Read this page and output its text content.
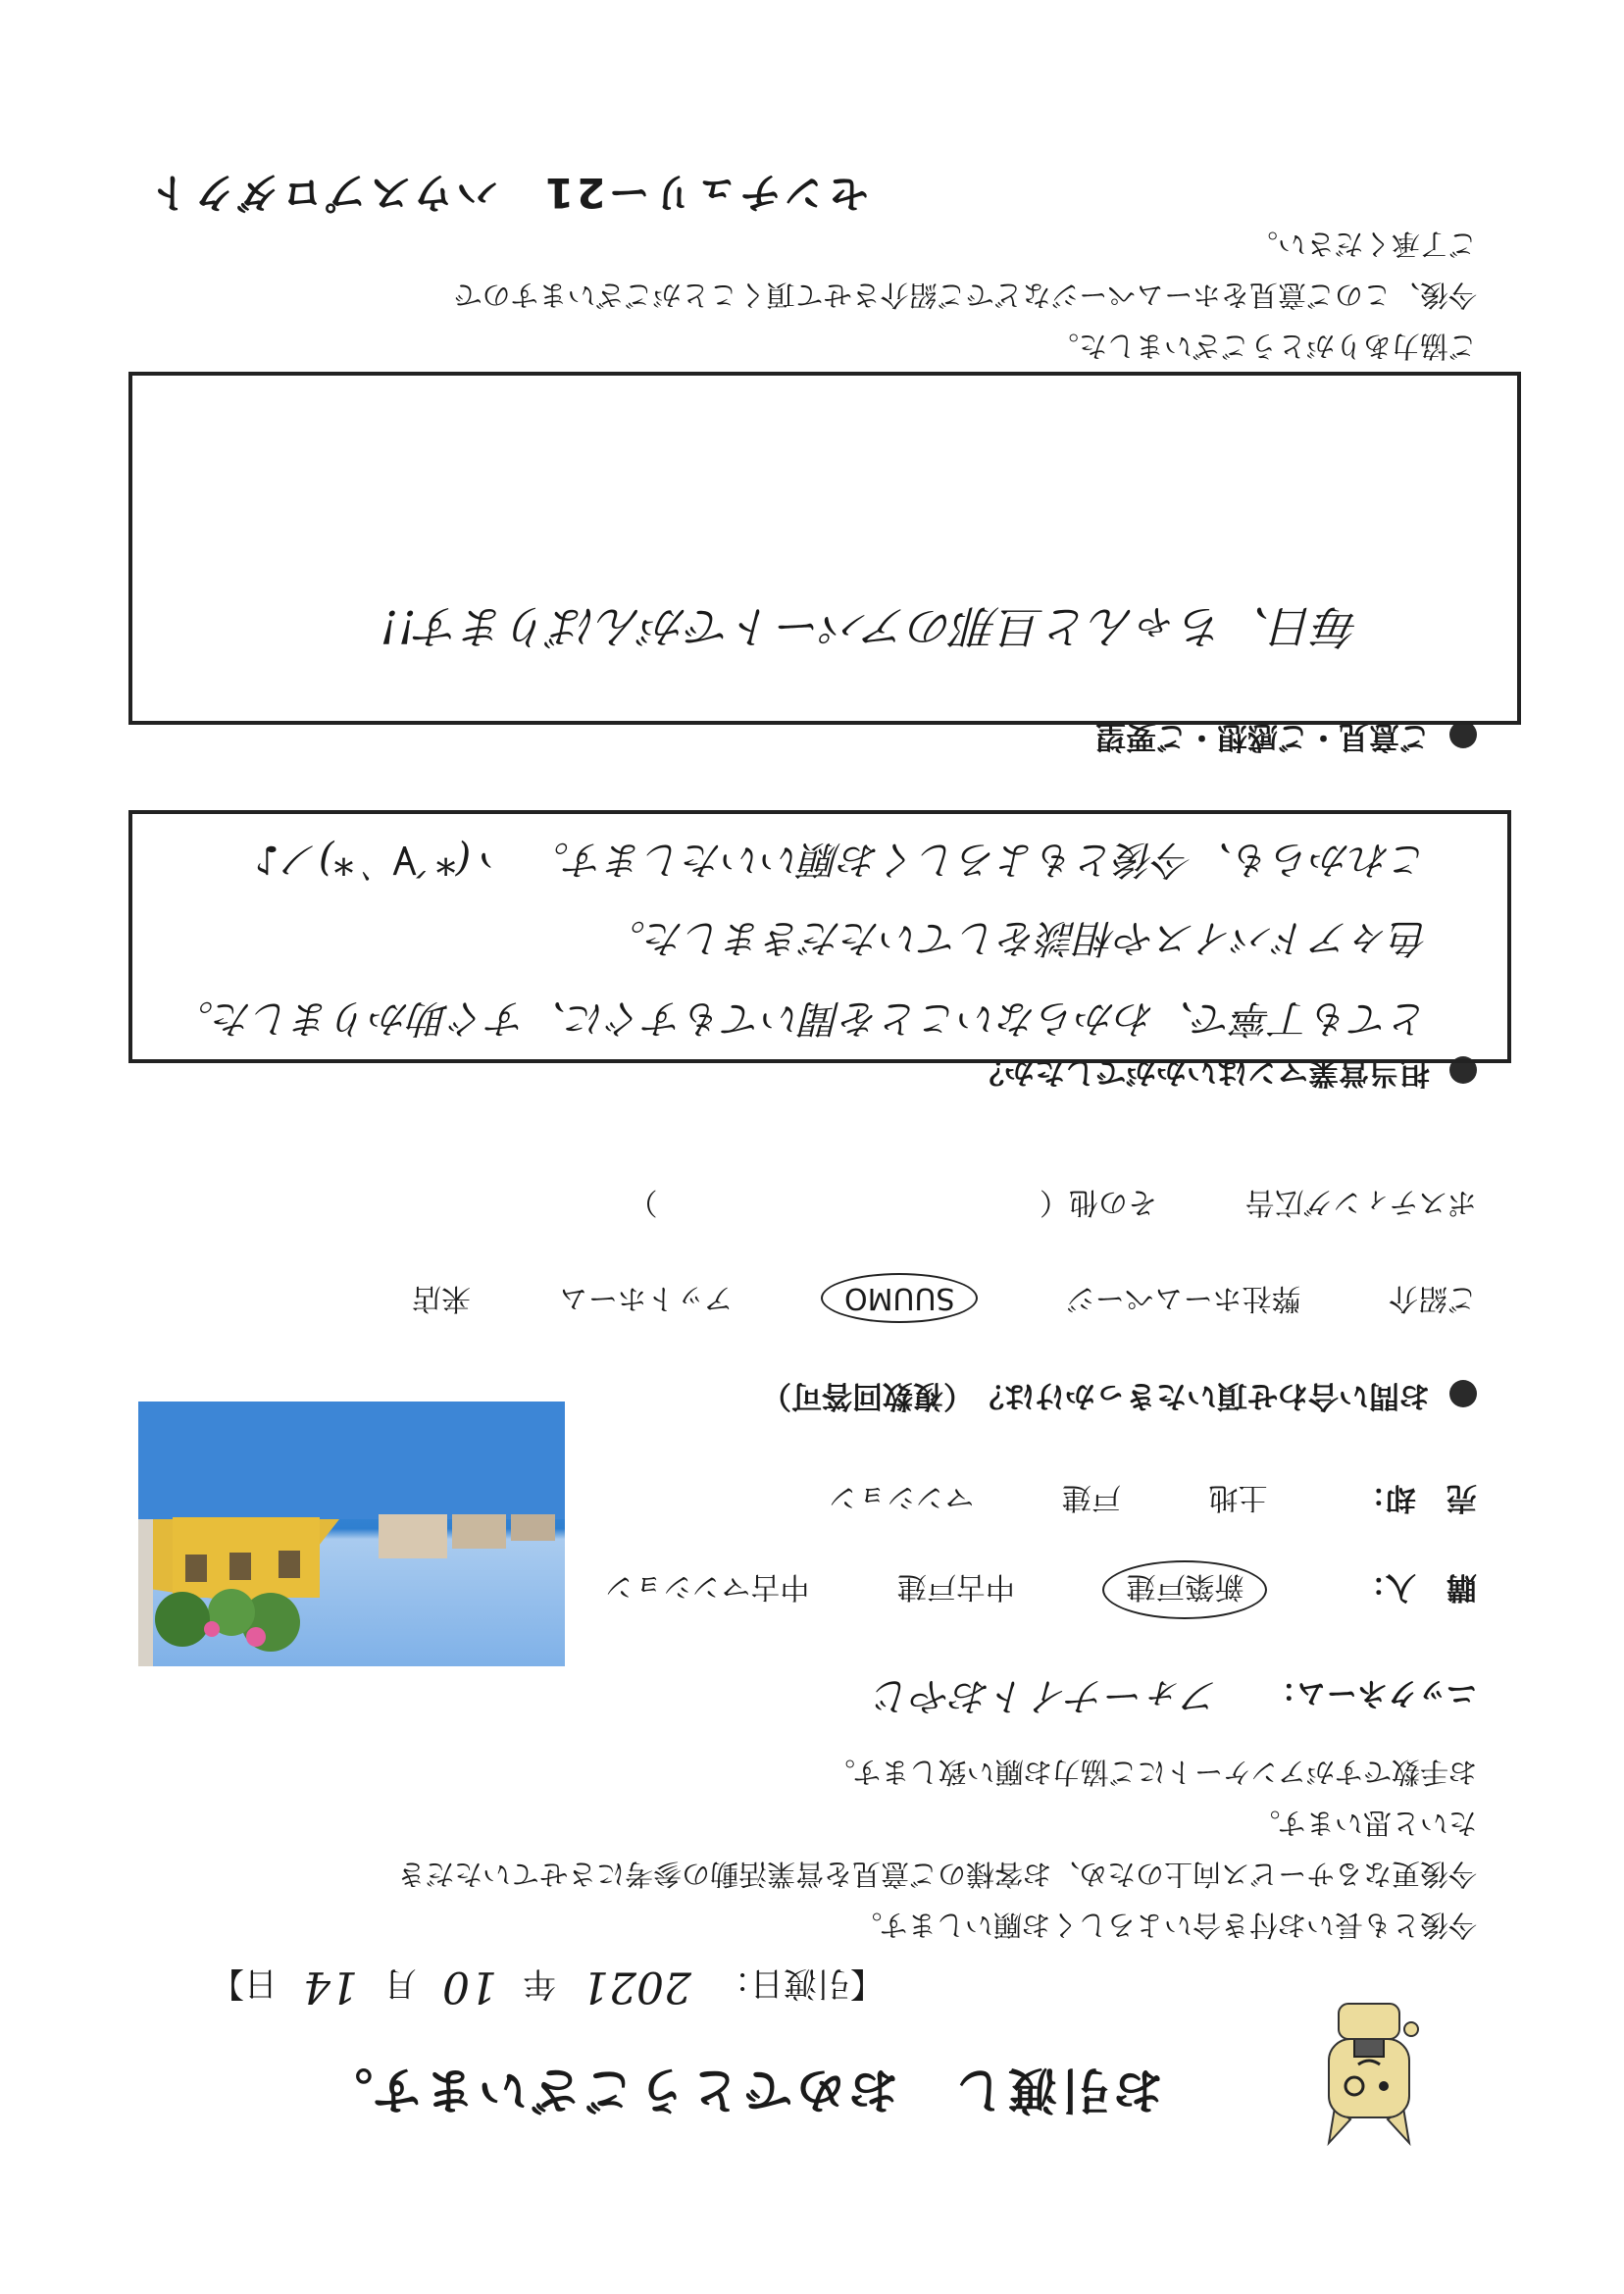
お引渡し　おめでとうございます。
【引渡日：2021年10月14日】
今後とも長いお付き合いよろしくお願いします。
今後更なるサービス向上のため、お客様のご意見を営業活動の参考にさせていただき
たいと思います。
お手数ですがアンケートにご協力お願い致します。
ニックネーム： フォーナイトおやじ
購　入： 新築戸建 中古戸建 中古マンション
売　却： 土地 戸建 マンション
お問い合わせ頂いたきっかけは？（複数回答可）
ご紹介 弊社ホームページ SUUMO アットホーム 来店
ポスティング広告 その他（ ）
担当営業マンはいかがでしたか？
とても丁寧で、わからないことを聞いてもすぐに、すぐ助かりました。
色々アドバイスや相談をしていただきました。
これからも、今後ともよろしくお願いいたします。　ヽ(*´∀｀*)ノ♪
ご意見・ご感想・ご要望
毎日、ちゃんと旦那のアパートでがんばります!!
ご協力ありがとうございました。
今後、このご意見をホームページなどでご紹介させて頂くことがございますので
ご了承ください。
センチュリー21　ハウスプロダクト
